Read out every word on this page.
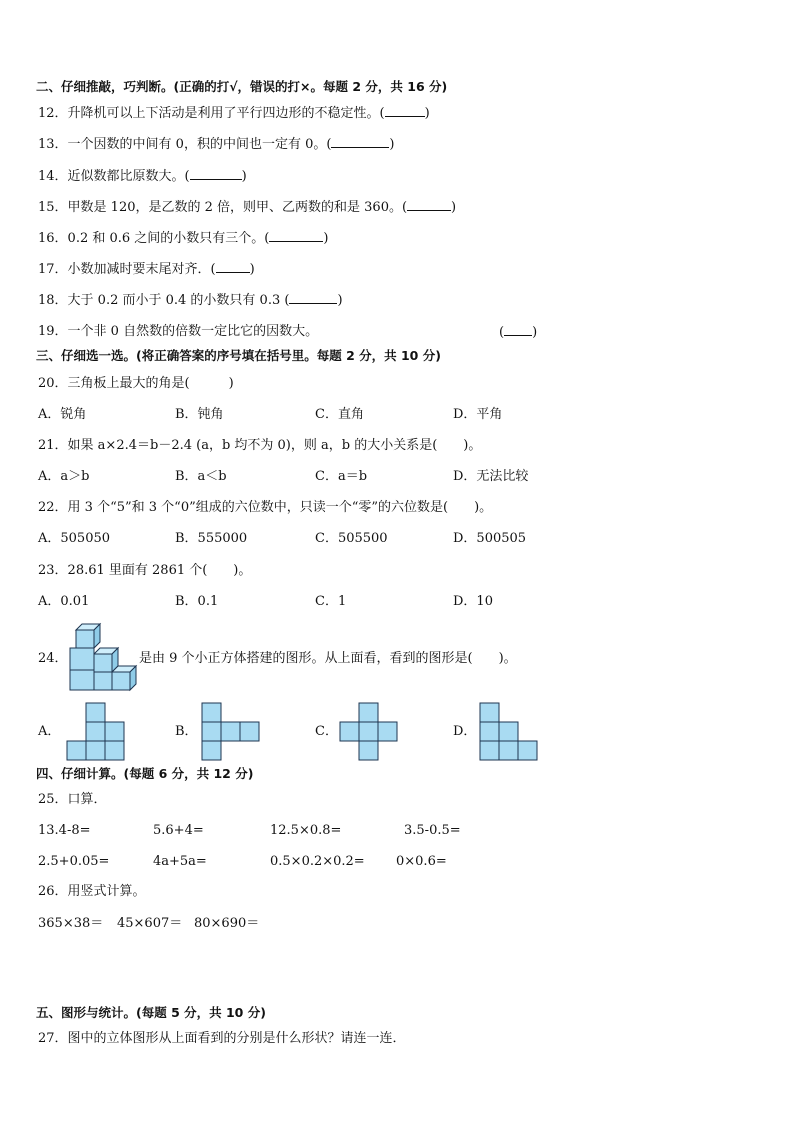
二、仔细推敲，巧判断。(正确的打√，错误的打×。每题 2 分，共 16 分)
12．升降机可以上下活动是利用了平行四边形的不稳定性。(	)
13．一个因数的中间有 0，积的中间也一定有 0。(	)
14．近似数都比原数大。(	)
15．甲数是 120，是乙数的 2 倍，则甲、乙两数的和是 360。(	)
16．0.2 和 0.6 之间的小数只有三个。(	)
17．小数加减时要末尾对齐．(	)
18．大于 0.2 而小于 0.4 的小数只有 0.3 (	)
19．一个非 0 自然数的倍数一定比它的因数大。	( )
三、仔细选一选。(将正确答案的序号填在括号里。每题 2 分，共 10 分)
20．三角板上最大的角是(　　　)
A．锐角	B．钝角	C．直角	D．平角
21．如果 a×2.4＝b－2.4 (a，b 均不为 0)，则 a，b 的大小关系是(　　)。
A．a＞b	B．a＜b	C．a＝b	D．无法比较
22．用 3 个“5”和 3 个“0”组成的六位数中，只读一个“零”的六位数是(　　)。
A．505050	B．555000	C．505500	D．500505
23．28.61 里面有 2861 个(　　)。
A．0.01	B．0.1	C．1	D．10
24．	是由 9 个小正方体搭建的图形。从上面看，看到的图形是(　　)。
A．	B．	C．	D．
四、仔细计算。(每题 6 分，共 12 分)
25．口算．
13.4-8=	5.6+4=	12.5×0.8=	3.5-0.5=
2.5+0.05=	4a+5a=	0.5×0.2×0.2= 0×0.6=
26．用竖式计算。
365×38＝ 45×607＝ 80×690＝
五、图形与统计。(每题 5 分，共 10 分)
27．图中的立体图形从上面看到的分别是什么形状？请连一连．
